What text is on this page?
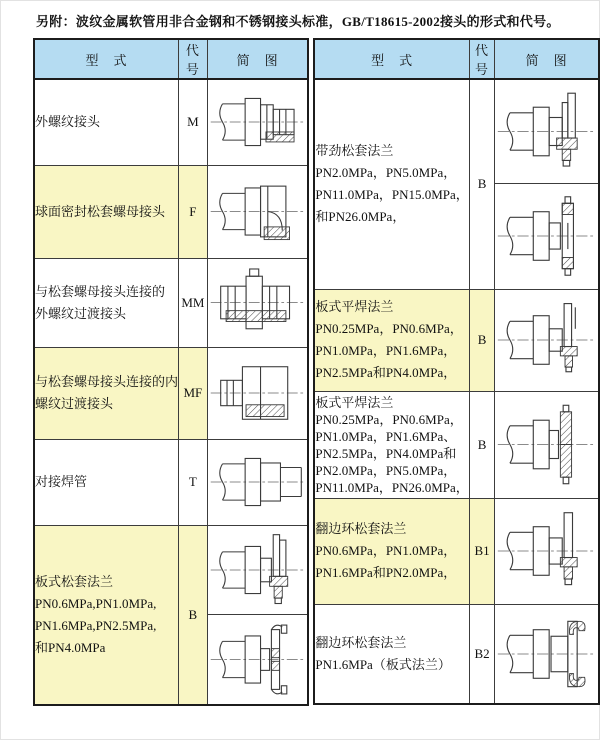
另附：波纹金属软管用非合金钢和不锈钢接头标准，GB/T18615-2002接头的形式和代号。
型　式	代号	简　图

外螺纹接头	M	

球面密封松套螺母接头	F	

与松套螺母接头连接的
外螺纹过渡接头	MM	

与松套螺母接头连接的内
螺纹过渡接头	MF	

对接焊管	T	

板式松套法兰
PN0.6MPa,PN1.0MPa,
PN1.6MPa,PN2.5MPa,
和PN4.0MPa	B	
型　式	代号	简　图

带劲松套法兰
PN2.0MPa，PN5.0MPa，
PN11.0MPa，PN15.0MPa，
和PN26.0MPa，	B	

板式平焊法兰
PN0.25MPa，PN0.6MPa，
PN1.0MPa，PN1.6MPa，
PN2.5MPa和PN4.0MPa，	B	

板式平焊法兰
PN0.25MPa，PN0.6MPa，
PN1.0MPa，PN1.6MPa、
PN2.5MPa，PN4.0MPa和
PN2.0MPa，PN5.0MPa，
PN11.0MPa，PN26.0MPa，
	B	

翻边环松套法兰
PN0.6MPa，PN1.0MPa，
PN1.6MPa和PN2.0MPa，	B1	

翻边环松套法兰
PN1.6MPa（板式法兰）	B2	
